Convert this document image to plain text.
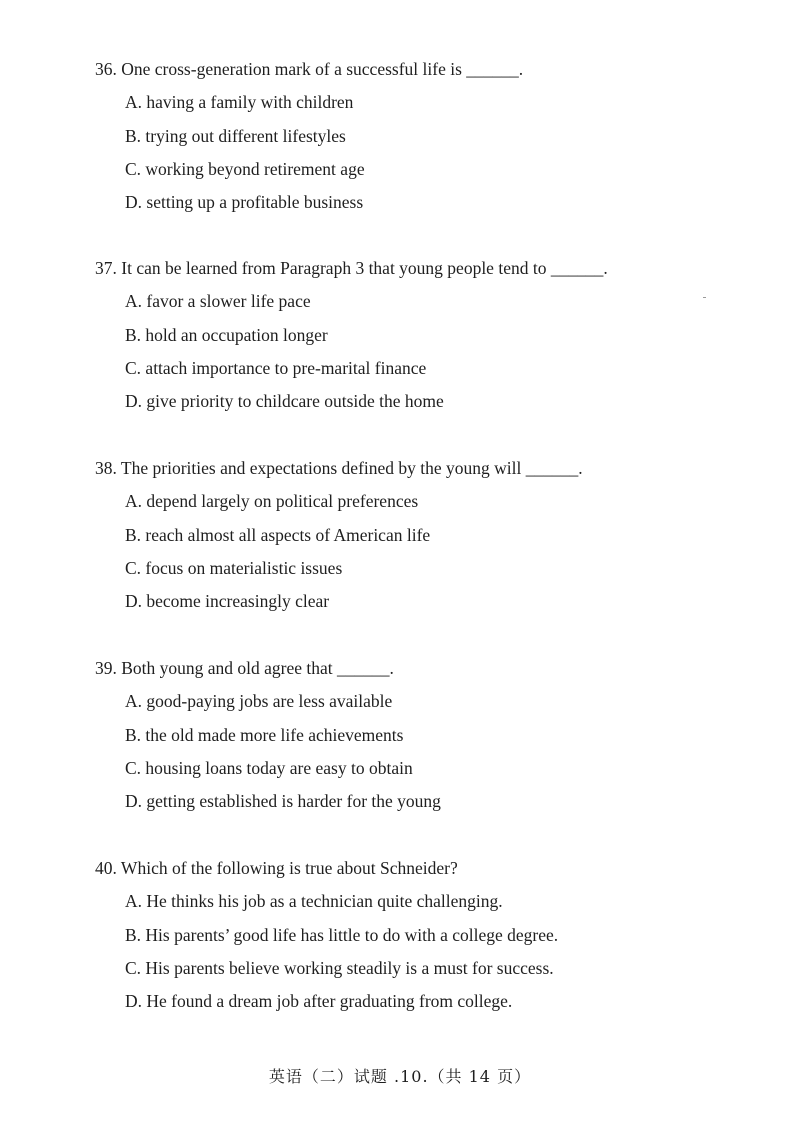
36. One cross-generation mark of a successful life is ______.
A. having a family with children
B. trying out different lifestyles
C. working beyond retirement age
D. setting up a profitable business
37. It can be learned from Paragraph 3 that young people tend to ______.
A. favor a slower life pace
B. hold an occupation longer
C. attach importance to pre-marital finance
D. give priority to childcare outside the home
38. The priorities and expectations defined by the young will ______.
A. depend largely on political preferences
B. reach almost all aspects of American life
C. focus on materialistic issues
D. become increasingly clear
39. Both young and old agree that ______.
A. good-paying jobs are less available
B. the old made more life achievements
C. housing loans today are easy to obtain
D. getting established is harder for the young
40. Which of the following is true about Schneider?
A. He thinks his job as a technician quite challenging.
B. His parents’ good life has little to do with a college degree.
C. His parents believe working steadily is a must for success.
D. He found a dream job after graduating from college.
英语（二）试题 .10.（共 14 页）
